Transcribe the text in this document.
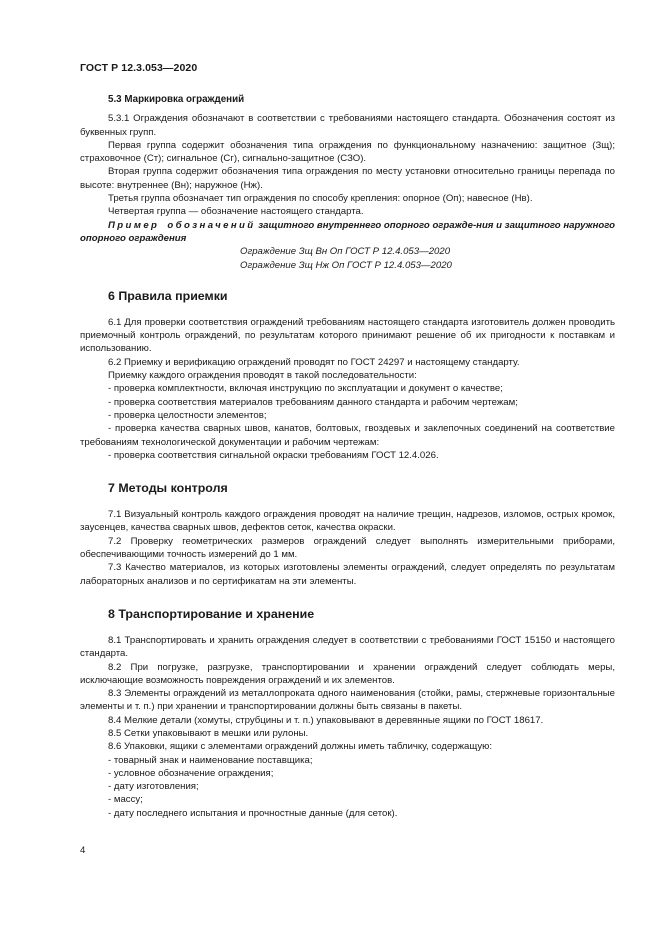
ГОСТ Р 12.3.053—2020

5.3 Маркировка ограждений

5.3.1 Ограждения обозначают в соответствии с требованиями настоящего стандарта. Обозначения состоят из буквенных групп.

Первая группа содержит обозначения типа ограждения по функциональному назначению: защитное (Зщ); страховочное (Ст); сигнальное (Сг), сигнально-защитное (СЗО).

Вторая группа содержит обозначения типа ограждения по месту установки относительно границы перепада по высоте: внутреннее (Вн); наружное (Нж).

Третья группа обозначает тип ограждения по способу крепления: опорное (Оп); навесное (Нв).

Четвертая группа — обозначение настоящего стандарта.

Пример обозначений защитного внутреннего опорного огражде-ния и защитного наружного опорного ограждения

Ограждение Зщ Вн Оп ГОСТ Р 12.4.053—2020

Ограждение Зщ Нж Оп ГОСТ Р 12.4.053—2020

6 Правила приемки

6.1 Для проверки соответствия ограждений требованиям настоящего стандарта изготовитель должен проводить приемочный контроль ограждений, по результатам которого принимают решение об их пригодности к поставкам и использованию.

6.2 Приемку и верификацию ограждений проводят по ГОСТ 24297 и настоящему стандарту.

Приемку каждого ограждения проводят в такой последовательности:

- проверка комплектности, включая инструкцию по эксплуатации и документ о качестве;

- проверка соответствия материалов требованиям данного стандарта и рабочим чертежам;

- проверка целостности элементов;

- проверка качества сварных швов, канатов, болтовых, гвоздевых и заклепочных соединений на соответствие требованиям технологической документации и рабочим чертежам:

- проверка соответствия сигнальной окраски требованиям ГОСТ 12.4.026.

7 Методы контроля

7.1 Визуальный контроль каждого ограждения проводят на наличие трещин, надрезов, изломов, острых кромок, заусенцев, качества сварных швов, дефектов сеток, качества окраски.

7.2 Проверку геометрических размеров ограждений следует выполнять измерительными приборами, обеспечивающими точность измерений до 1 мм.

7.3 Качество материалов, из которых изготовлены элементы ограждений, следует определять по результатам лабораторных анализов и по сертификатам на эти элементы.

8 Транспортирование и хранение

8.1 Транспортировать и хранить ограждения следует в соответствии с требованиями ГОСТ 15150 и настоящего стандарта.

8.2 При погрузке, разгрузке, транспортировании и хранении ограждений следует соблюдать меры, исключающие возможность повреждения ограждений и их элементов.

8.3 Элементы ограждений из металлопроката одного наименования (стойки, рамы, стержневые горизонтальные элементы и т. п.) при хранении и транспортировании должны быть связаны в пакеты.

8.4 Мелкие детали (хомуты, струбцины и т. п.) упаковывают в деревянные ящики по ГОСТ 18617.

8.5 Сетки упаковывают в мешки или рулоны.

8.6 Упаковки, ящики с элементами ограждений должны иметь табличку, содержащую:

- товарный знак и наименование поставщика;

- условное обозначение ограждения;

- дату изготовления;

- массу;

- дату последнего испытания и прочностные данные (для сеток).

4
